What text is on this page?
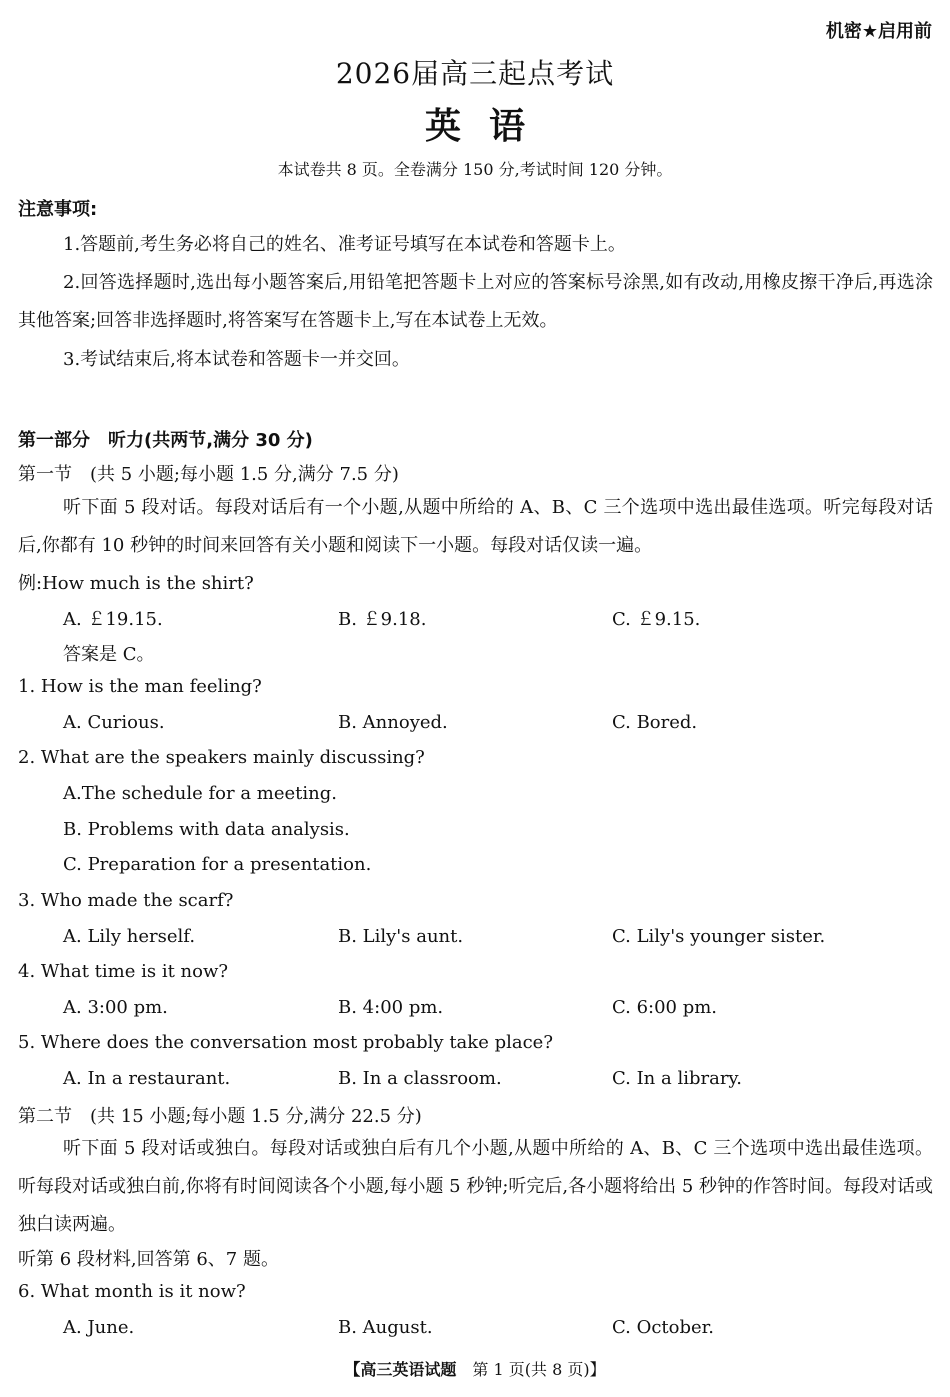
机密★启用前
2026届高三起点考试
英语
本试卷共 8 页。全卷满分 150 分,考试时间 120 分钟。
注意事项:
1.答题前,考生务必将自己的姓名、准考证号填写在本试卷和答题卡上。
2.回答选择题时,选出每小题答案后,用铅笔把答题卡上对应的答案标号涂黑,如有改动,用橡皮擦干净后,再选涂其他答案;回答非选择题时,将答案写在答题卡上,写在本试卷上无效。
3.考试结束后,将本试卷和答题卡一并交回。
第一部分　听力(共两节,满分 30 分)
第一节　(共 5 小题;每小题 1.5 分,满分 7.5 分)
听下面 5 段对话。每段对话后有一个小题,从题中所给的 A、B、C 三个选项中选出最佳选项。听完每段对话后,你都有 10 秒钟的时间来回答有关小题和阅读下一小题。每段对话仅读一遍。
例:How much is the shirt?
A. ￡19.15.	B. ￡9.18.	C. ￡9.15.
答案是 C。
1. How is the man feeling?
A. Curious.	B. Annoyed.	C. Bored.
2. What are the speakers mainly discussing?
A.The schedule for a meeting.
B. Problems with data analysis.
C. Preparation for a presentation.
3. Who made the scarf?
A. Lily herself.	B. Lily's aunt.	C. Lily's younger sister.
4. What time is it now?
A. 3:00 pm.	B. 4:00 pm.	C. 6:00 pm.
5. Where does the conversation most probably take place?
A. In a restaurant.	B. In a classroom.	C. In a library.
第二节　(共 15 小题;每小题 1.5 分,满分 22.5 分)
听下面 5 段对话或独白。每段对话或独白后有几个小题,从题中所给的 A、B、C 三个选项中选出最佳选项。听每段对话或独白前,你将有时间阅读各个小题,每小题 5 秒钟;听完后,各小题将给出 5 秒钟的作答时间。每段对话或独白读两遍。
听第 6 段材料,回答第 6、7 题。
6. What month is it now?
A. June.	B. August.	C. October.
【高三英语试题  第 1 页(共 8 页)】
